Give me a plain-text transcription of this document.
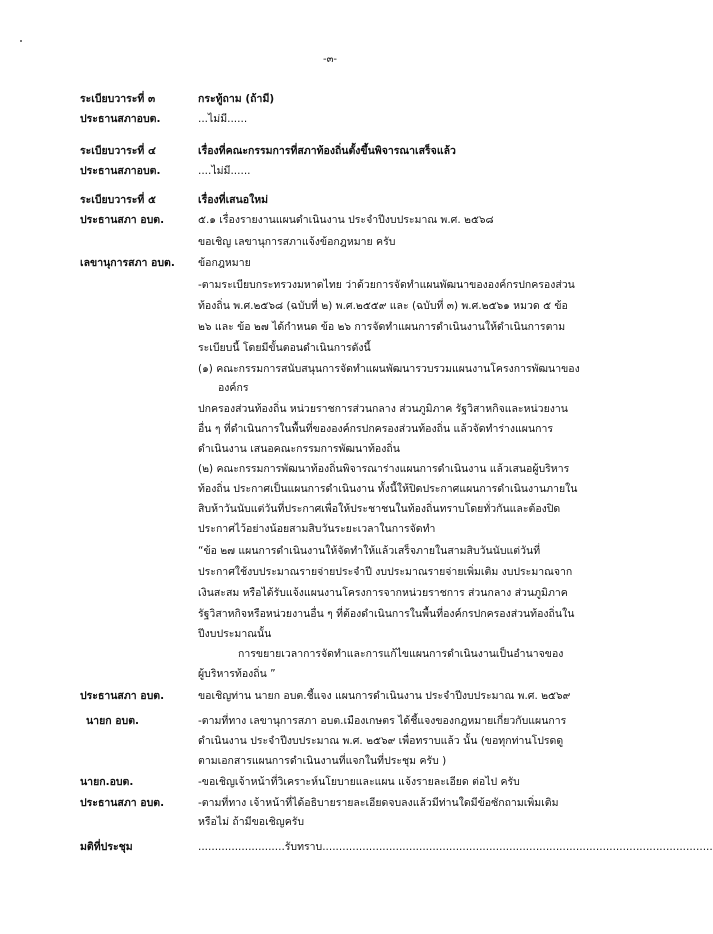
-๓-
ระเบียบวาระที่ ๓	กระทู้ถาม (ถ้ามี)
ประธานสภาอบต.	...ไม่มี......
ระเบียบวาระที่ ๔	เรื่องที่คณะกรรมการที่สภาท้องถิ่นตั้งขึ้นพิจารณาเสร็จแล้ว
ประธานสภาอบต.	....ไม่มี......
ระเบียบวาระที่ ๕	เรื่องที่เสนอใหม่
ประธานสภา อบต.	๕.๑ เรื่องรายงานแผนดำเนินงาน ประจำปีงบประมาณ พ.ศ. ๒๕๖๘
ขอเชิญ เลขานุการสภาแจ้งข้อกฎหมาย ครับ
เลขานุการสภา อบต. ข้อกฎหมาย
-ตามระเบียบกระทรวงมหาดไทย ว่าด้วยการจัดทำแผนพัฒนาขององค์กรปกครองส่วน
ท้องถิ่น พ.ศ.๒๕๖๘ (ฉบับที่ ๒) พ.ศ.๒๕๕๙ และ (ฉบับที่ ๓) พ.ศ.๒๕๖๑ หมวด ๕ ข้อ
๒๖ และ ข้อ ๒๗ ได้กำหนด ข้อ ๒๖ การจัดทำแผนการดำเนินงานให้ดำเนินการตาม
ระเบียบนี้ โดยมีขั้นตอนดำเนินการดังนี้
(๑) คณะกรรมการสนับสนุนการจัดทำแผนพัฒนารวบรวมแผนงานโครงการพัฒนาของ
องค์กร
ปกครองส่วนท้องถิ่น หน่วยราชการส่วนกลาง ส่วนภูมิภาค รัฐวิสาหกิจและหน่วยงาน
อื่น ๆ ที่ดำเนินการในพื้นที่ขององค์กรปกครองส่วนท้องถิ่น แล้วจัดทำร่างแผนการ
ดำเนินงาน เสนอคณะกรรมการพัฒนาท้องถิ่น
(๒) คณะกรรมการพัฒนาท้องถิ่นพิจารณาร่างแผนการดำเนินงาน แล้วเสนอผู้บริหาร
ท้องถิ่น ประกาศเป็นแผนการดำเนินงาน ทั้งนี้ให้ปิดประกาศแผนการดำเนินงานภายใน
สิบห้าวันนับแต่วันที่ประกาศเพื่อให้ประชาชนในท้องถิ่นทราบโดยทั่วกันและต้องปิด
ประกาศไว้อย่างน้อยสามสิบวันระยะเวลาในการจัดทำ
“ข้อ ๒๗ แผนการดำเนินงานให้จัดทำให้แล้วเสร็จภายในสามสิบวันนับแต่วันที่
ประกาศใช้งบประมาณรายจ่ายประจำปี งบประมาณรายจ่ายเพิ่มเติม งบประมาณจาก
เงินสะสม หรือได้รับแจ้งแผนงานโครงการจากหน่วยราชการ ส่วนกลาง ส่วนภูมิภาค
รัฐวิสาหกิจหรือหน่วยงานอื่น ๆ ที่ต้องดำเนินการในพื้นที่องค์กรปกครองส่วนท้องถิ่นใน
ปีงบประมาณนั้น
การขยายเวลาการจัดทำและการแก้ไขแผนการดำเนินงานเป็นอำนาจของ
ผู้บริหารท้องถิ่น ”
ประธานสภา อบต.	ขอเชิญท่าน นายก อบต.ชี้แจง แผนการดำเนินงาน ประจำปีงบประมาณ พ.ศ. ๒๕๖๙
นายก อบต.	-ตามที่ทาง เลขานุการสภา อบต.เมืองเกษตร ได้ชี้แจงของกฎหมายเกี่ยวกับแผนการ
ดำเนินงาน ประจำปีงบประมาณ พ.ศ. ๒๕๖๙ เพื่อทราบแล้ว นั้น (ขอทุกท่านโปรดดู
ตามเอกสารแผนการดำเนินงานที่แจกในที่ประชุม ครับ )
นายก.อบต.	-ขอเชิญเจ้าหน้าที่วิเคราะห์นโยบายและแผน แจ้งรายละเอียด ต่อไป ครับ
ประธานสภา อบต.	-ตามที่ทาง เจ้าหน้าที่ได้อธิบายรายละเอียดจบลงแล้วมีท่านใดมีข้อซักถามเพิ่มเติม
หรือไม่ ถ้ามีขอเชิญครับ
มติที่ประชุม	..........................รับทราบ.....................................................................................................................
